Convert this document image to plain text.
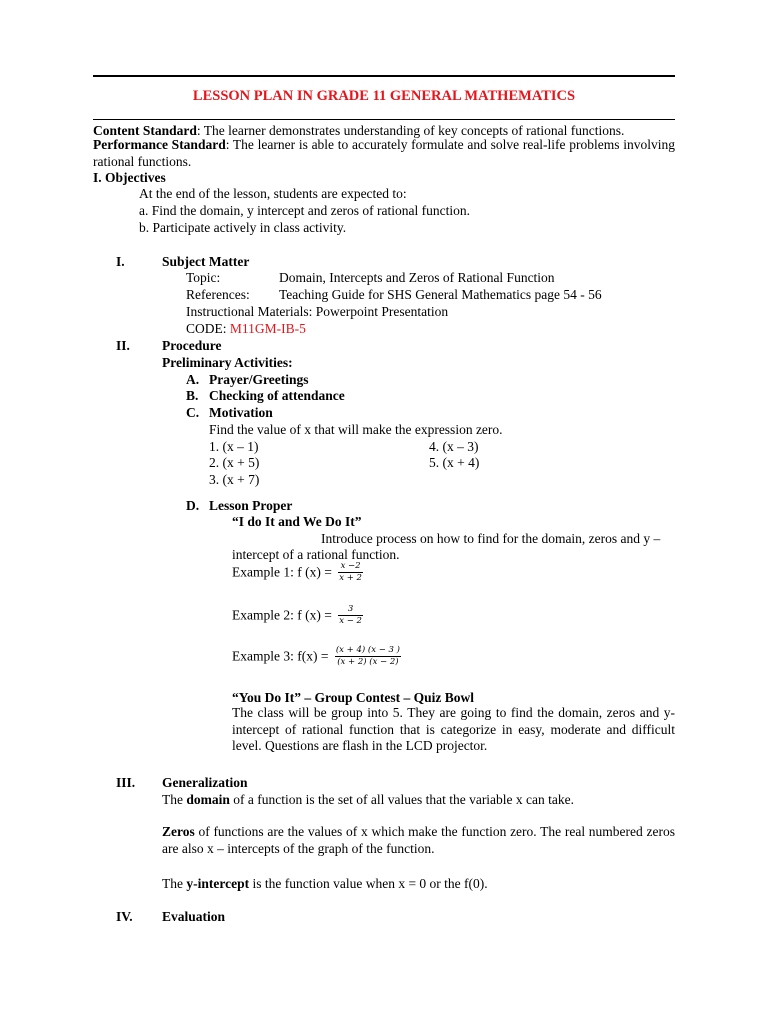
LESSON PLAN IN GRADE 11 GENERAL MATHEMATICS
Content Standard: The learner demonstrates understanding of key concepts of rational functions.
Performance Standard: The learner is able to accurately formulate and solve real-life problems involving rational functions.
I. Objectives
At the end of the lesson, students are expected to:
a. Find the domain, y intercept and zeros of rational function.
b. Participate actively in class activity.
I.	Subject Matter
Topic:	Domain, Intercepts and Zeros of Rational Function
References: Teaching Guide for SHS General Mathematics page 54 - 56
Instructional Materials: Powerpoint Presentation
CODE: M11GM-IB-5
II. Procedure
Preliminary Activities:
A. Prayer/Greetings
B. Checking of attendance
C. Motivation
Find the value of x that will make the expression zero.
1. (x – 1)
2. (x + 5)
3. (x + 7)
4. (x – 3)
5. (x + 4)
D. Lesson Proper
“I do It and We Do It”
Introduce process on how to find for the domain, zeros and y –
intercept of a rational function.
Example 1: f $(x) = \frac{x -2}{x + 2}$
Example 2: f $(x) = \frac{3}{x - 2}$
Example 3: $f(x) = \frac{(x + 4) (x - 3 )}{(x + 2) (x - 2)}$
“You Do It” – Group Contest – Quiz Bowl
The class will be group into 5. They are going to find the domain, zeros and y-intercept of rational function that is categorize in easy, moderate and difficult level. Questions are flash in the LCD projector.
III. Generalization
The domain of a function is the set of all values that the variable x can take.
Zeros of functions are the values of x which make the function zero. The real numbered zeros are also x – intercepts of the graph of the function.
The y-intercept is the function value when x = 0 or the f(0).
IV. Evaluation
